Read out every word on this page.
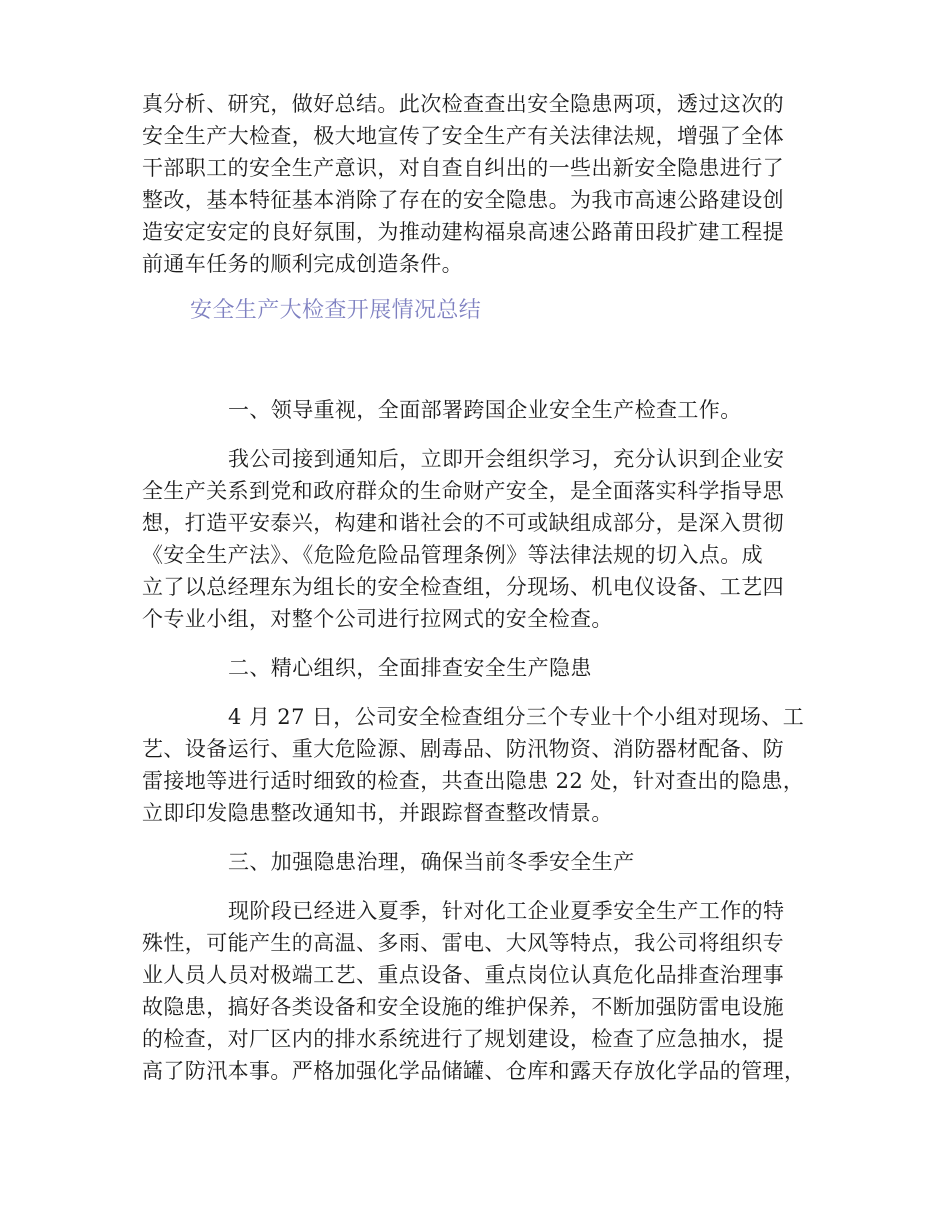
真分析、研究，做好总结。此次检查查出安全隐患两项，透过这次的
安全生产大检查，极大地宣传了安全生产有关法律法规，增强了全体
干部职工的安全生产意识，对自查自纠出的一些出新安全隐患进行了
整改，基本特征基本消除了存在的安全隐患。为我市高速公路建设创
造安定安定的良好氛围，为推动建构福泉高速公路莆田段扩建工程提
前通车任务的顺利完成创造条件。
安全生产大检查开展情况总结
一、领导重视，全面部署跨国企业安全生产检查工作。
我公司接到通知后，立即开会组织学习，充分认识到企业安
全生产关系到党和政府群众的生命财产安全，是全面落实科学指导思
想，打造平安泰兴，构建和谐社会的不可或缺组成部分，是深入贯彻
《安全生产法》、《危险危险品管理条例》等法律法规的切入点。成
立了以总经理东为组长的安全检查组，分现场、机电仪设备、工艺四
个专业小组，对整个公司进行拉网式的安全检查。
二、精心组织，全面排查安全生产隐患
4 月 27 日，公司安全检查组分三个专业十个小组对现场、工
艺、设备运行、重大危险源、剧毒品、防汛物资、消防器材配备、防
雷接地等进行适时细致的检查，共查出隐患 22 处，针对查出的隐患，
立即印发隐患整改通知书，并跟踪督查整改情景。
三、加强隐患治理，确保当前冬季安全生产
现阶段已经进入夏季，针对化工企业夏季安全生产工作的特
殊性，可能产生的高温、多雨、雷电、大风等特点，我公司将组织专
业人员人员对极端工艺、重点设备、重点岗位认真危化品排查治理事
故隐患，搞好各类设备和安全设施的维护保养，不断加强防雷电设施
的检查，对厂区内的排水系统进行了规划建设，检查了应急抽水，提
高了防汛本事。严格加强化学品储罐、仓库和露天存放化学品的管理，
